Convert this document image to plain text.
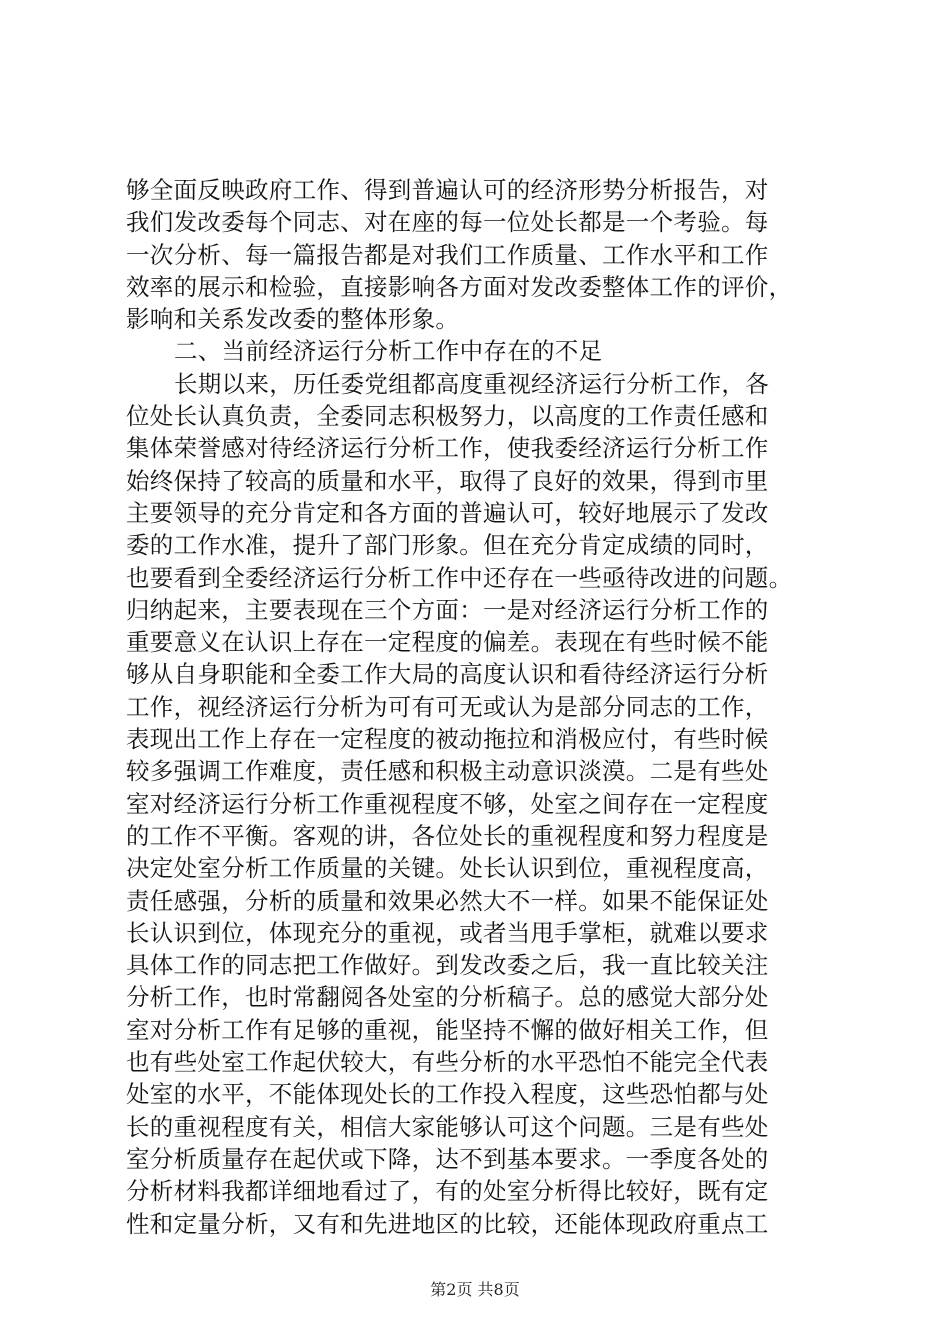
够全面反映政府工作、得到普遍认可的经济形势分析报告，对
我们发改委每个同志、对在座的每一位处长都是一个考验。每
一次分析、每一篇报告都是对我们工作质量、工作水平和工作
效率的展示和检验，直接影响各方面对发改委整体工作的评价，
影响和关系发改委的整体形象。
二、当前经济运行分析工作中存在的不足
长期以来，历任委党组都高度重视经济运行分析工作，各
位处长认真负责，全委同志积极努力，以高度的工作责任感和
集体荣誉感对待经济运行分析工作，使我委经济运行分析工作
始终保持了较高的质量和水平，取得了良好的效果，得到市里
主要领导的充分肯定和各方面的普遍认可，较好地展示了发改
委的工作水准，提升了部门形象。但在充分肯定成绩的同时，
也要看到全委经济运行分析工作中还存在一些亟待改进的问题。
归纳起来，主要表现在三个方面：一是对经济运行分析工作的
重要意义在认识上存在一定程度的偏差。表现在有些时候不能
够从自身职能和全委工作大局的高度认识和看待经济运行分析
工作，视经济运行分析为可有可无或认为是部分同志的工作，
表现出工作上存在一定程度的被动拖拉和消极应付，有些时候
较多强调工作难度，责任感和积极主动意识淡漠。二是有些处
室对经济运行分析工作重视程度不够，处室之间存在一定程度
的工作不平衡。客观的讲，各位处长的重视程度和努力程度是
决定处室分析工作质量的关键。处长认识到位，重视程度高，
责任感强，分析的质量和效果必然大不一样。如果不能保证处
长认识到位，体现充分的重视，或者当甩手掌柜，就难以要求
具体工作的同志把工作做好。到发改委之后，我一直比较关注
分析工作，也时常翻阅各处室的分析稿子。总的感觉大部分处
室对分析工作有足够的重视，能坚持不懈的做好相关工作，但
也有些处室工作起伏较大，有些分析的水平恐怕不能完全代表
处室的水平，不能体现处长的工作投入程度，这些恐怕都与处
长的重视程度有关，相信大家能够认可这个问题。三是有些处
室分析质量存在起伏或下降，达不到基本要求。一季度各处的
分析材料我都详细地看过了，有的处室分析得比较好，既有定
性和定量分析，又有和先进地区的比较，还能体现政府重点工
第2页 共8页
